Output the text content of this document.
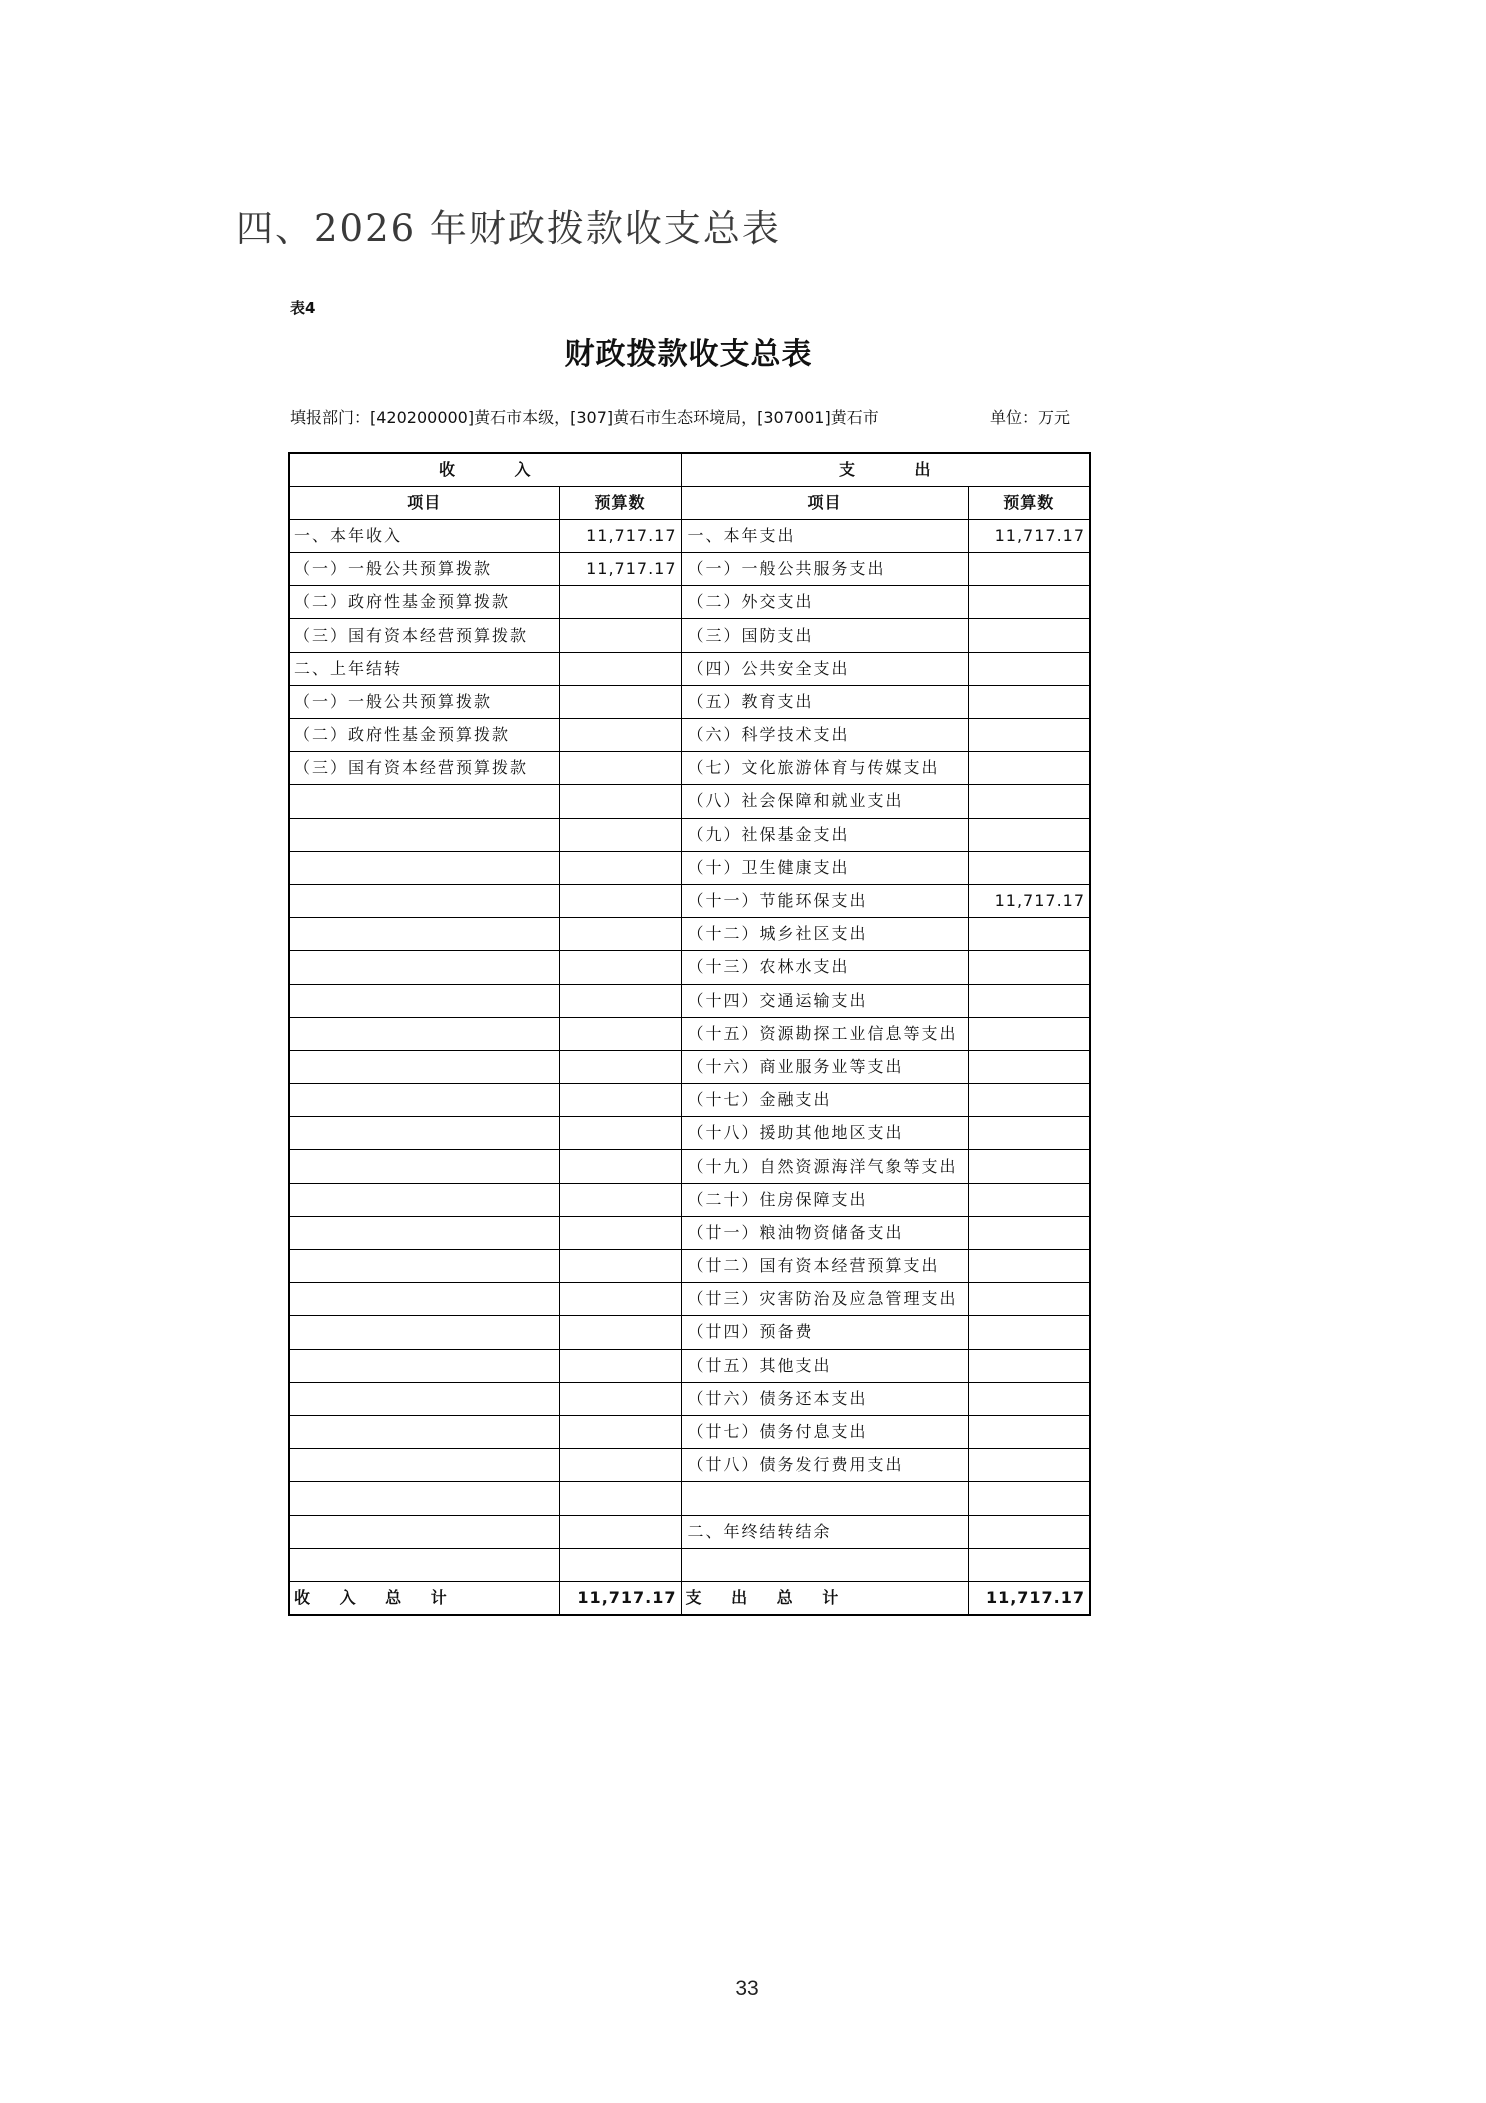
四、2026 年财政拨款收支总表
表4
财政拨款收支总表
填报部门：[420200000]黄石市本级，[307]黄石市生态环境局，[307001]黄石市	单位：万元
收 入		支 出	
项目	预算数	项目	预算数
一、本年收入	11,717.17	一、本年支出	11,717.17
（一）一般公共预算拨款	11,717.17	（一）一般公共服务支出	
（二）政府性基金预算拨款		（二）外交支出	
（三）国有资本经营预算拨款		（三）国防支出	
二、上年结转		（四）公共安全支出	
（一）一般公共预算拨款		（五）教育支出	
（二）政府性基金预算拨款		（六）科学技术支出	
（三）国有资本经营预算拨款		（七）文化旅游体育与传媒支出	
		（八）社会保障和就业支出	
		（九）社保基金支出	
		（十）卫生健康支出	
		（十一）节能环保支出	11,717.17
		（十二）城乡社区支出	
		（十三）农林水支出	
		（十四）交通运输支出	
		（十五）资源勘探工业信息等支出	
		（十六）商业服务业等支出	
		（十七）金融支出	
		（十八）援助其他地区支出	
		（十九）自然资源海洋气象等支出	
		（二十）住房保障支出	
		（廿一）粮油物资储备支出	
		（廿二）国有资本经营预算支出	
		（廿三）灾害防治及应急管理支出	
		（廿四）预备费	
		（廿五）其他支出	
		（廿六）债务还本支出	
		（廿七）债务付息支出	
		（廿八）债务发行费用支出	

		二、年终结转结余	

收 入 总 计	11,717.17	支 出 总 计	11,717.17
33
